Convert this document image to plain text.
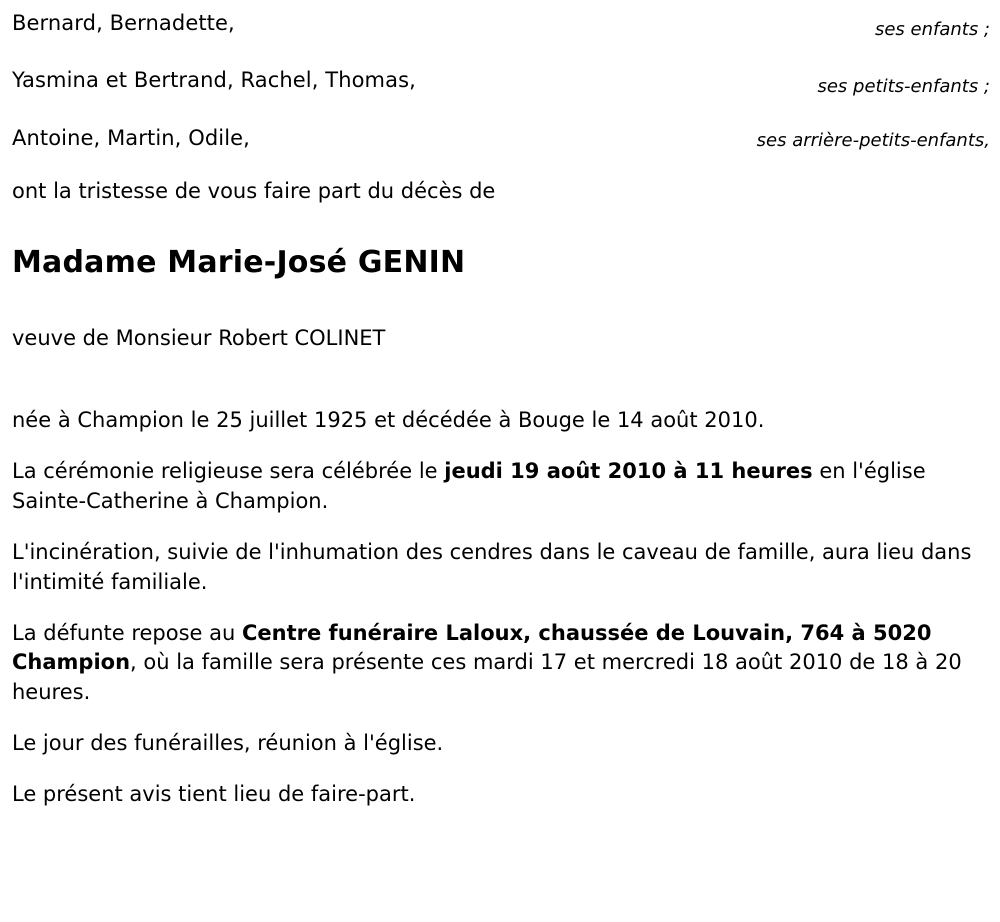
Bernard, Bernadette,	ses enfants ;
Yasmina et Bertrand, Rachel, Thomas,	ses petits-enfants ;
Antoine, Martin, Odile,	ses arrière-petits-enfants,
ont la tristesse de vous faire part du décès de
Madame Marie-José GENIN
veuve de Monsieur Robert COLINET

née à Champion le 25 juillet 1925 et décédée à Bouge le 14 août 2010.

La cérémonie religieuse sera célébrée le jeudi 19 août 2010 à 11 heures en l'église Sainte-Catherine à Champion.

L'incinération, suivie de l'inhumation des cendres dans le caveau de famille, aura lieu dans l'intimité familiale.

La défunte repose au Centre funéraire Laloux, chaussée de Louvain, 764 à 5020 Champion, où la famille sera présente ces mardi 17 et mercredi 18 août 2010 de 18 à 20 heures.

Le jour des funérailles, réunion à l'église.

Le présent avis tient lieu de faire-part.
